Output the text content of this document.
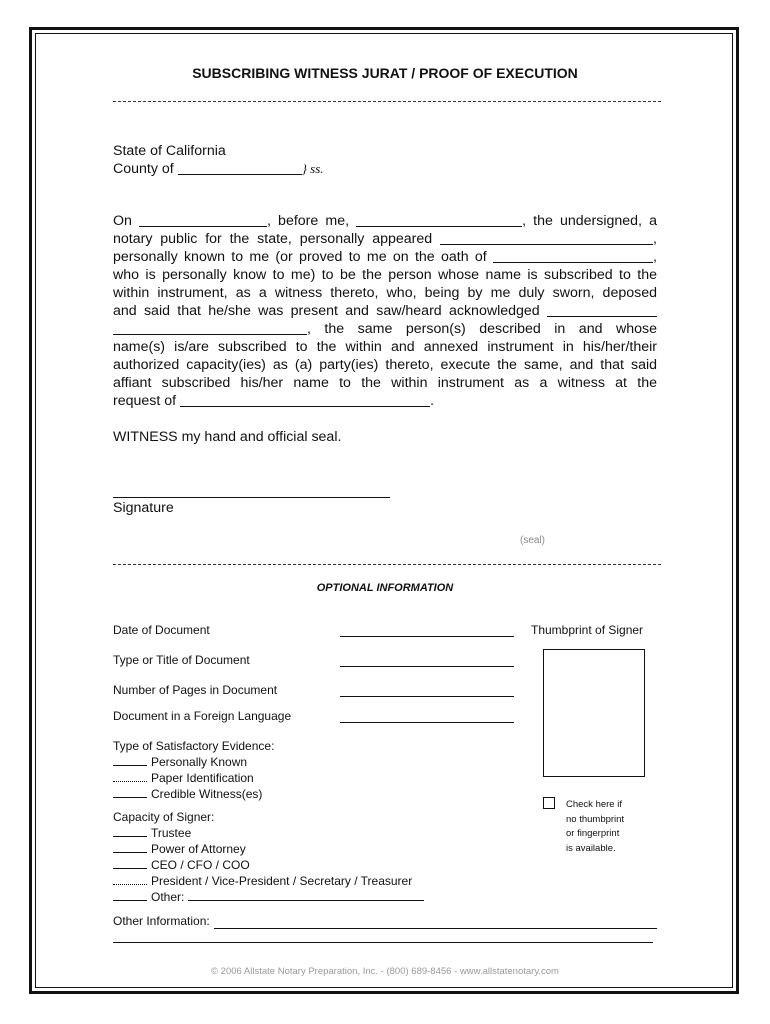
SUBSCRIBING WITNESS JURAT / PROOF OF EXECUTION
State of California
County of	} ss.
On	, before me,	, the undersigned, a
notary public for the state, personally appeared	,
personally known to me (or proved to me on the oath of	,
who is personally know to me) to be the person whose name is subscribed to the
within instrument, as a witness thereto, who, being by me duly sworn, deposed
and said that he/she was present and saw/heard acknowledged
, the same person(s) described in and whose
name(s) is/are subscribed to the within and annexed instrument in his/her/their
authorized capacity(ies) as (a) party(ies) thereto, execute the same, and that said
affiant subscribed his/her name to the within instrument as a witness at the
request of	.
WITNESS my hand and official seal.
Signature
(seal)
OPTIONAL INFORMATION
Date of Document
Type or Title of Document
Number of Pages in Document
Document in a Foreign Language
Thumbprint of Signer
Type of Satisfactory Evidence:
Personally Known
Paper Identification
Credible Witness(es)
Check here if
no thumbprint
or fingerprint
is available.
Capacity of Signer:
Trustee
Power of Attorney
CEO / CFO / COO
President / Vice-President / Secretary / Treasurer
Other:
Other Information:
© 2006 Allstate Notary Preparation, Inc. - (800) 689-8456 - www.allstatenotary.com
